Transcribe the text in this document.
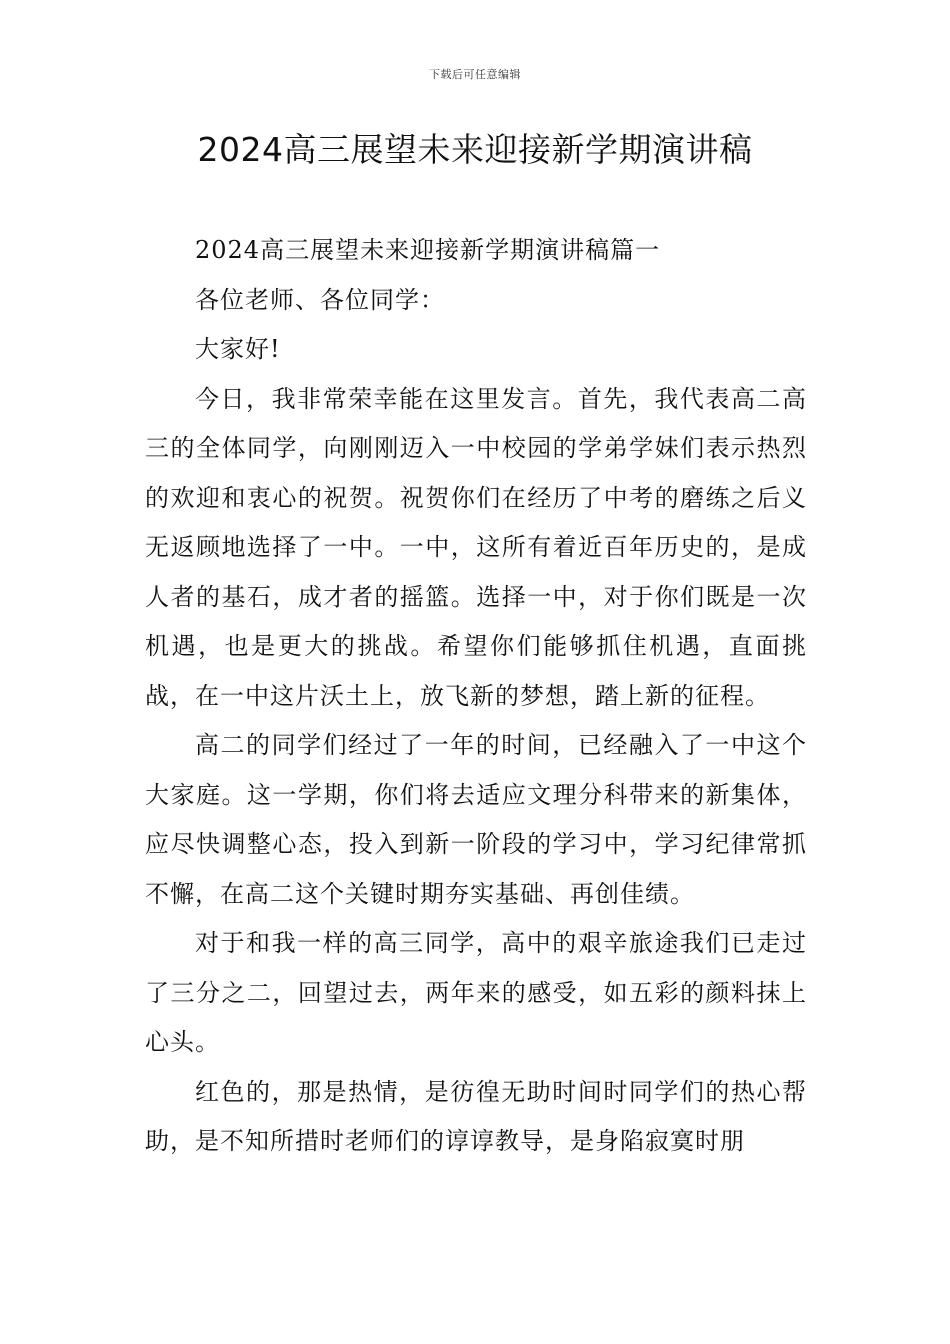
下载后可任意编辑
2024高三展望未来迎接新学期演讲稿

2024高三展望未来迎接新学期演讲稿篇一

各位老师、各位同学：

大家好!

今日，我非常荣幸能在这里发言。首先，我代表高二高三的全体同学，向刚刚迈入一中校园的学弟学妹们表示热烈的欢迎和衷心的祝贺。祝贺你们在经历了中考的磨练之后义无返顾地选择了一中。一中，这所有着近百年历史的，是成人者的基石，成才者的摇篮。选择一中，对于你们既是一次机遇，也是更大的挑战。希望你们能够抓住机遇，直面挑战，在一中这片沃土上，放飞新的梦想，踏上新的征程。

高二的同学们经过了一年的时间，已经融入了一中这个大家庭。这一学期，你们将去适应文理分科带来的新集体，应尽快调整心态，投入到新一阶段的学习中，学习纪律常抓不懈，在高二这个关键时期夯实基础、再创佳绩。

对于和我一样的高三同学，高中的艰辛旅途我们已走过了三分之二，回望过去，两年来的感受，如五彩的颜料抹上心头。

红色的，那是热情，是彷徨无助时间时同学们的热心帮助，是不知所措时老师们的谆谆教导，是身陷寂寞时朋
